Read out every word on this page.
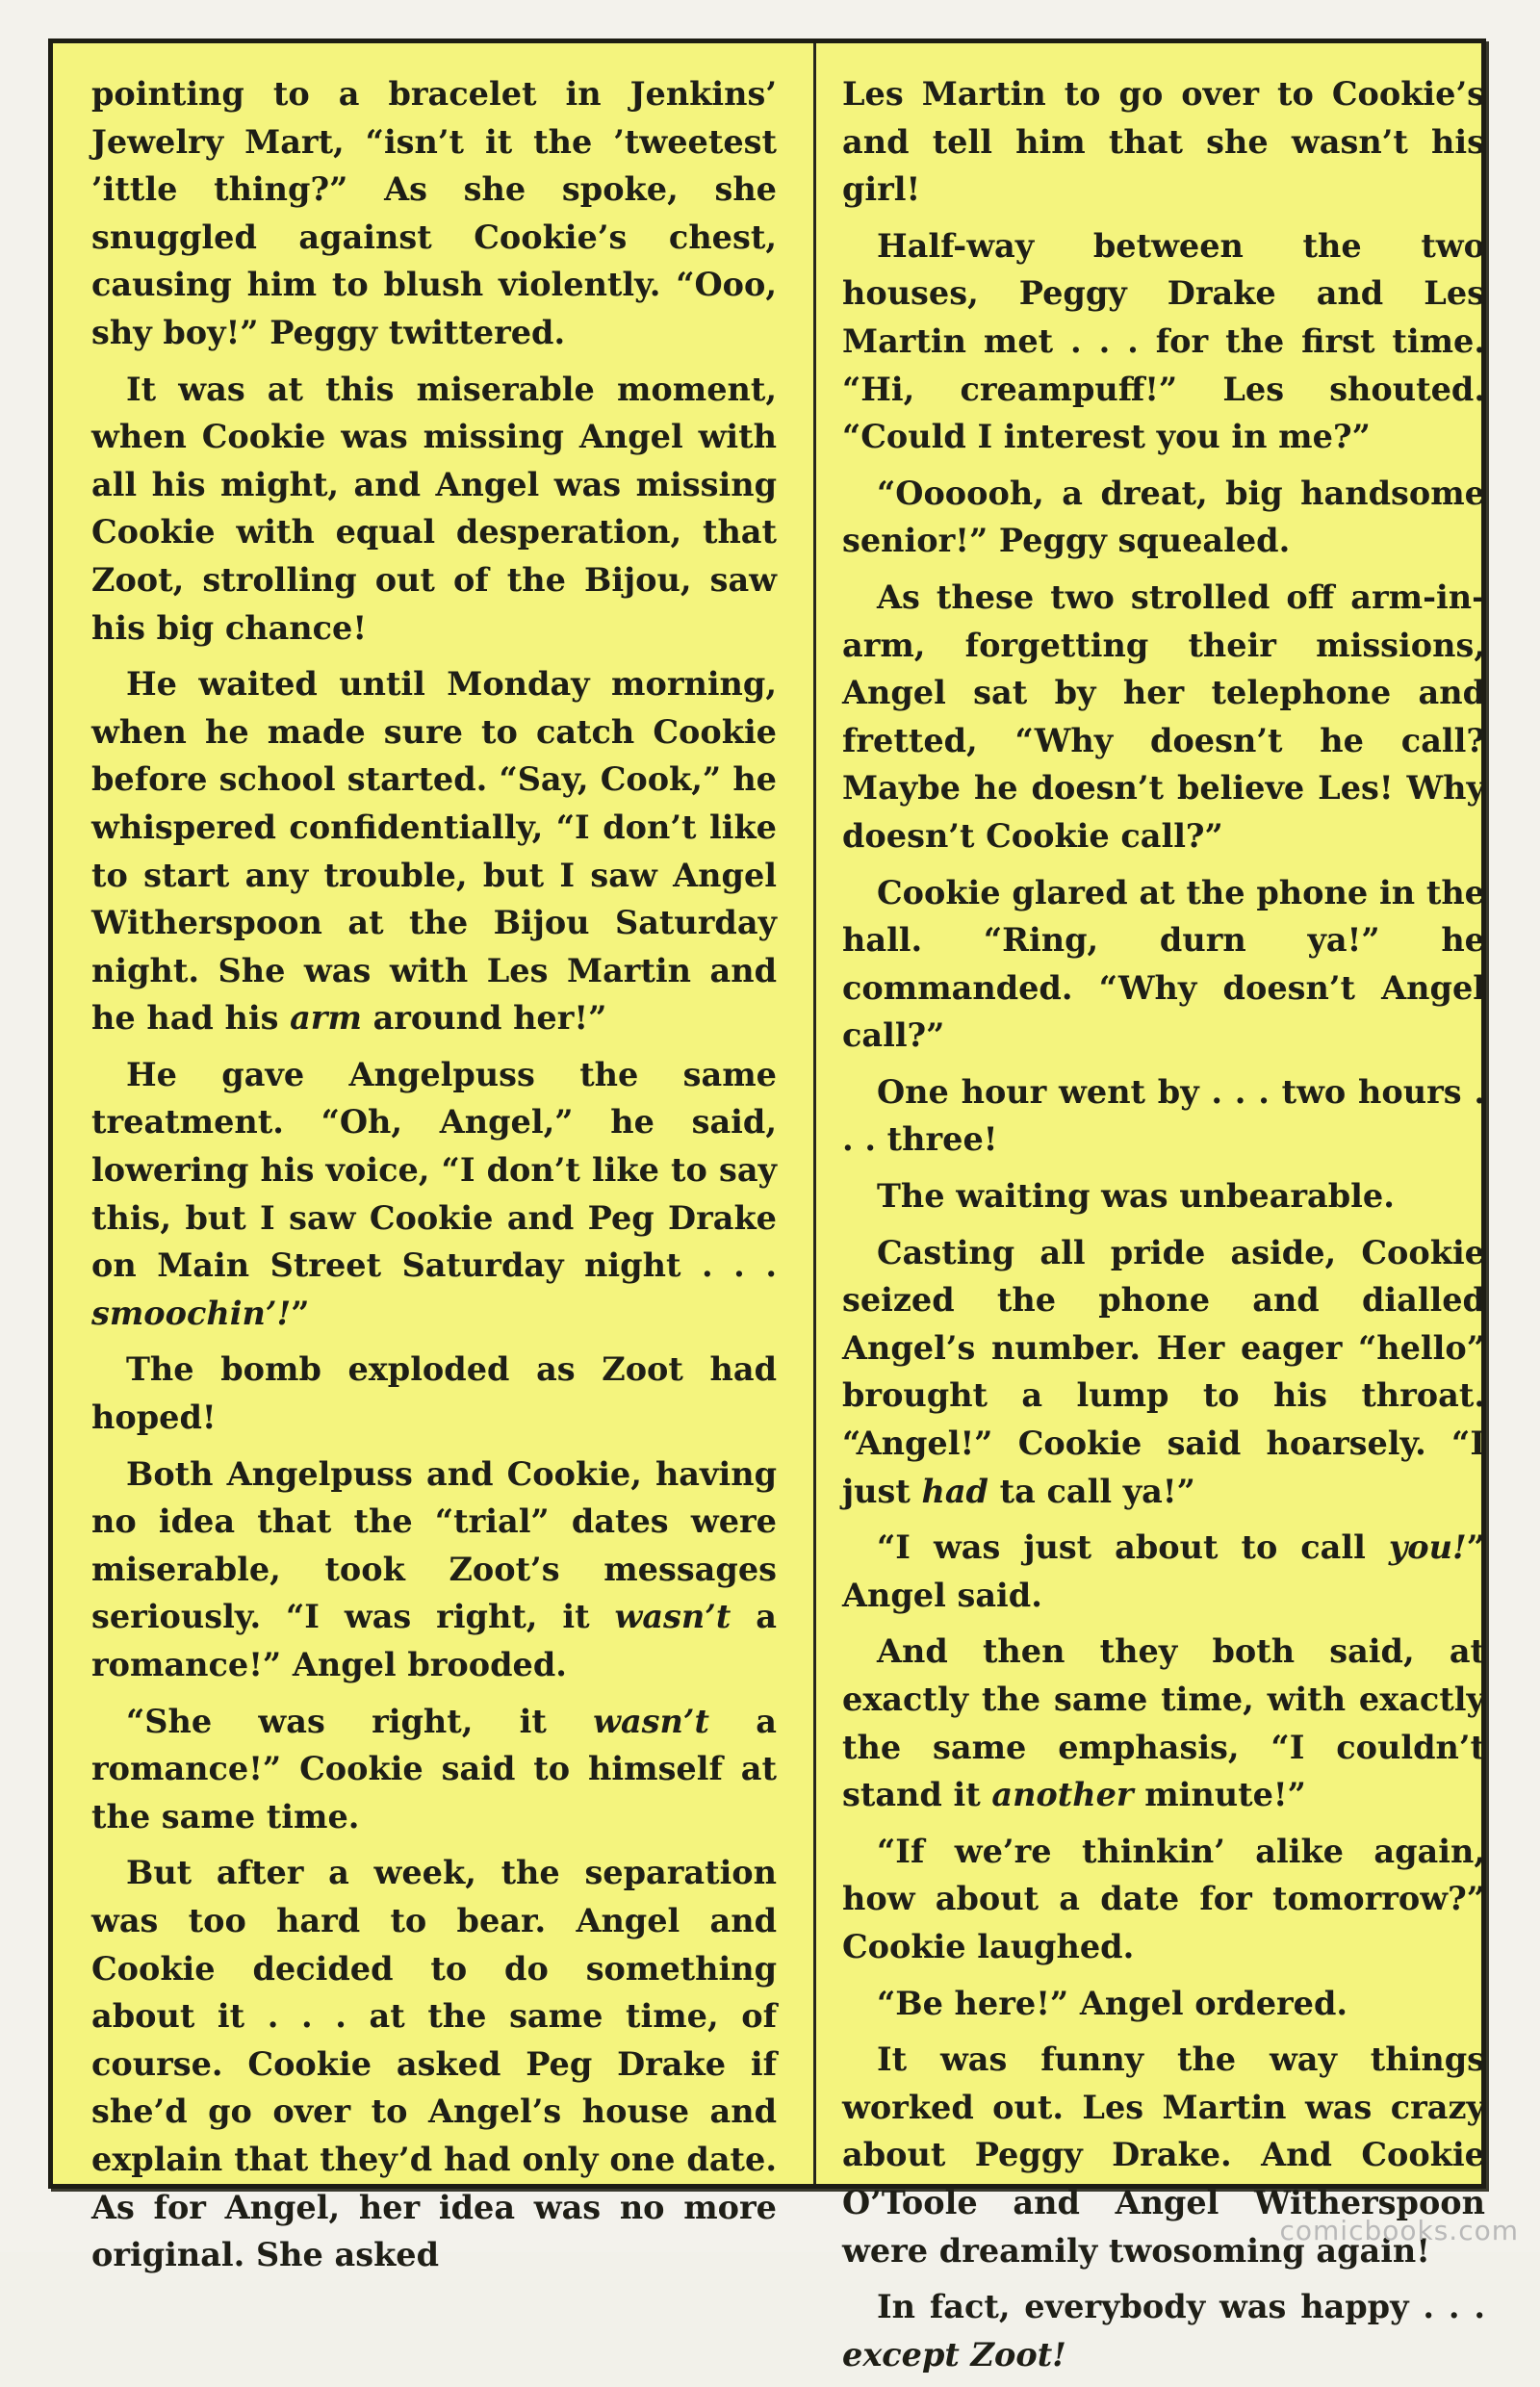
pointing to a bracelet in Jenkins’ Jewelry Mart, “isn’t it the ’tweetest ’ittle thing?” As she spoke, she snuggled against Cookie’s chest, causing him to blush violently. “Ooo, shy boy!” Peggy twittered.

It was at this miserable moment, when Cookie was missing Angel with all his might, and Angel was missing Cookie with equal desperation, that Zoot, strolling out of the Bijou, saw his big chance!

He waited until Monday morning, when he made sure to catch Cookie before school started. “Say, Cook,” he whispered confidentially, “I don’t like to start any trouble, but I saw Angel Witherspoon at the Bijou Saturday night. She was with Les Martin and he had his arm around her!”

He gave Angelpuss the same treatment. “Oh, Angel,” he said, lowering his voice, “I don’t like to say this, but I saw Cookie and Peg Drake on Main Street Saturday night . . . smoochin’!”

The bomb exploded as Zoot had hoped!

Both Angelpuss and Cookie, having no idea that the “trial” dates were miserable, took Zoot’s messages seriously. “I was right, it wasn’t a romance!” Angel brooded.

“She was right, it wasn’t a romance!” Cookie said to himself at the same time.

But after a week, the separation was too hard to bear. Angel and Cookie decided to do something about it . . . at the same time, of course. Cookie asked Peg Drake if she’d go over to Angel’s house and explain that they’d had only one date. As for Angel, her idea was no more original. She asked

Les Martin to go over to Cookie’s and tell him that she wasn’t his girl!

Half-way between the two houses, Peggy Drake and Les Martin met . . . for the first time. “Hi, creampuff!” Les shouted. “Could I interest you in me?”

“Oooooh, a dreat, big handsome senior!” Peggy squealed.

As these two strolled off arm-in-arm, forgetting their missions, Angel sat by her telephone and fretted, “Why doesn’t he call? Maybe he doesn’t believe Les! Why doesn’t Cookie call?”

Cookie glared at the phone in the hall. “Ring, durn ya!” he commanded. “Why doesn’t Angel call?”

One hour went by . . . two hours . . . three!

The waiting was unbearable.

Casting all pride aside, Cookie seized the phone and dialled Angel’s number. Her eager “hello” brought a lump to his throat. “Angel!” Cookie said hoarsely. “I just had ta call ya!”

“I was just about to call you!” Angel said.

And then they both said, at exactly the same time, with exactly the same emphasis, “I couldn’t stand it another minute!”

“If we’re thinkin’ alike again, how about a date for tomorrow?” Cookie laughed.

“Be here!” Angel ordered.

It was funny the way things worked out. Les Martin was crazy about Peggy Drake. And Cookie O’Toole and Angel Witherspoon were dreamily twosoming again!

In fact, everybody was happy . . . except Zoot!

comicbooks.com
